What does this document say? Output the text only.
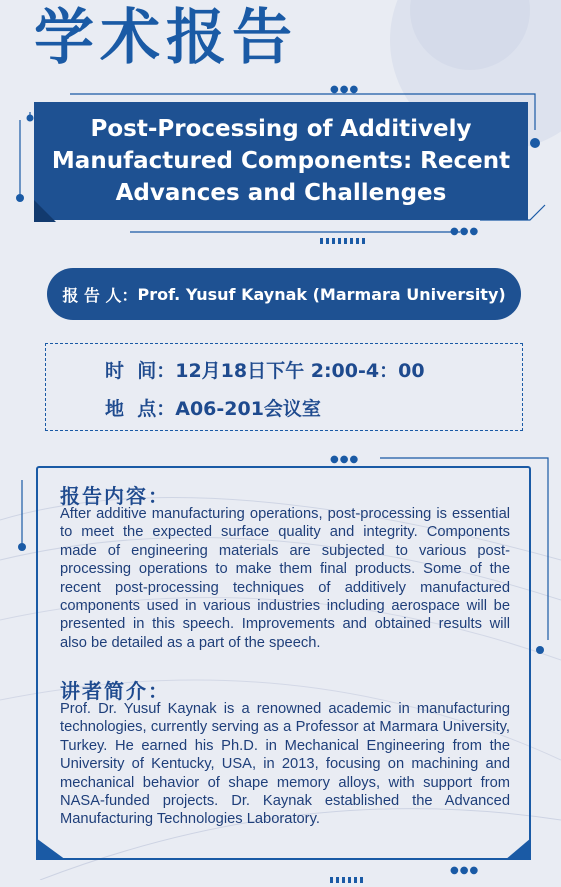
学术报告
●●●
Post-Processing of Additively
Manufactured Components: Recent
Advances and Challenges
●●●
报 告 人： Prof. Yusuf Kaynak (Marmara University)
时  间：12月18日下午 2:00-4：00
地  点：A06-201会议室
●●●
报告内容：
After additive manufacturing operations, post-processing is essential to meet the expected surface quality and integrity. Components made of engineering materials are subjected to various post-processing operations to make them final products. Some of the recent post-processing techniques of additively manufactured components used in various industries including aerospace will be presented in this speech. Improvements and obtained results will also be detailed as a part of the speech.
讲者简介：
Prof. Dr. Yusuf Kaynak is a renowned academic in manufacturing technologies, currently serving as a Professor at Marmara University, Turkey. He earned his Ph.D. in Mechanical Engineering from the University of Kentucky, USA, in 2013, focusing on machining and mechanical behavior of shape memory alloys, with support from NASA-funded projects. Dr. Kaynak established the Advanced Manufacturing Technologies Laboratory.
●●●
